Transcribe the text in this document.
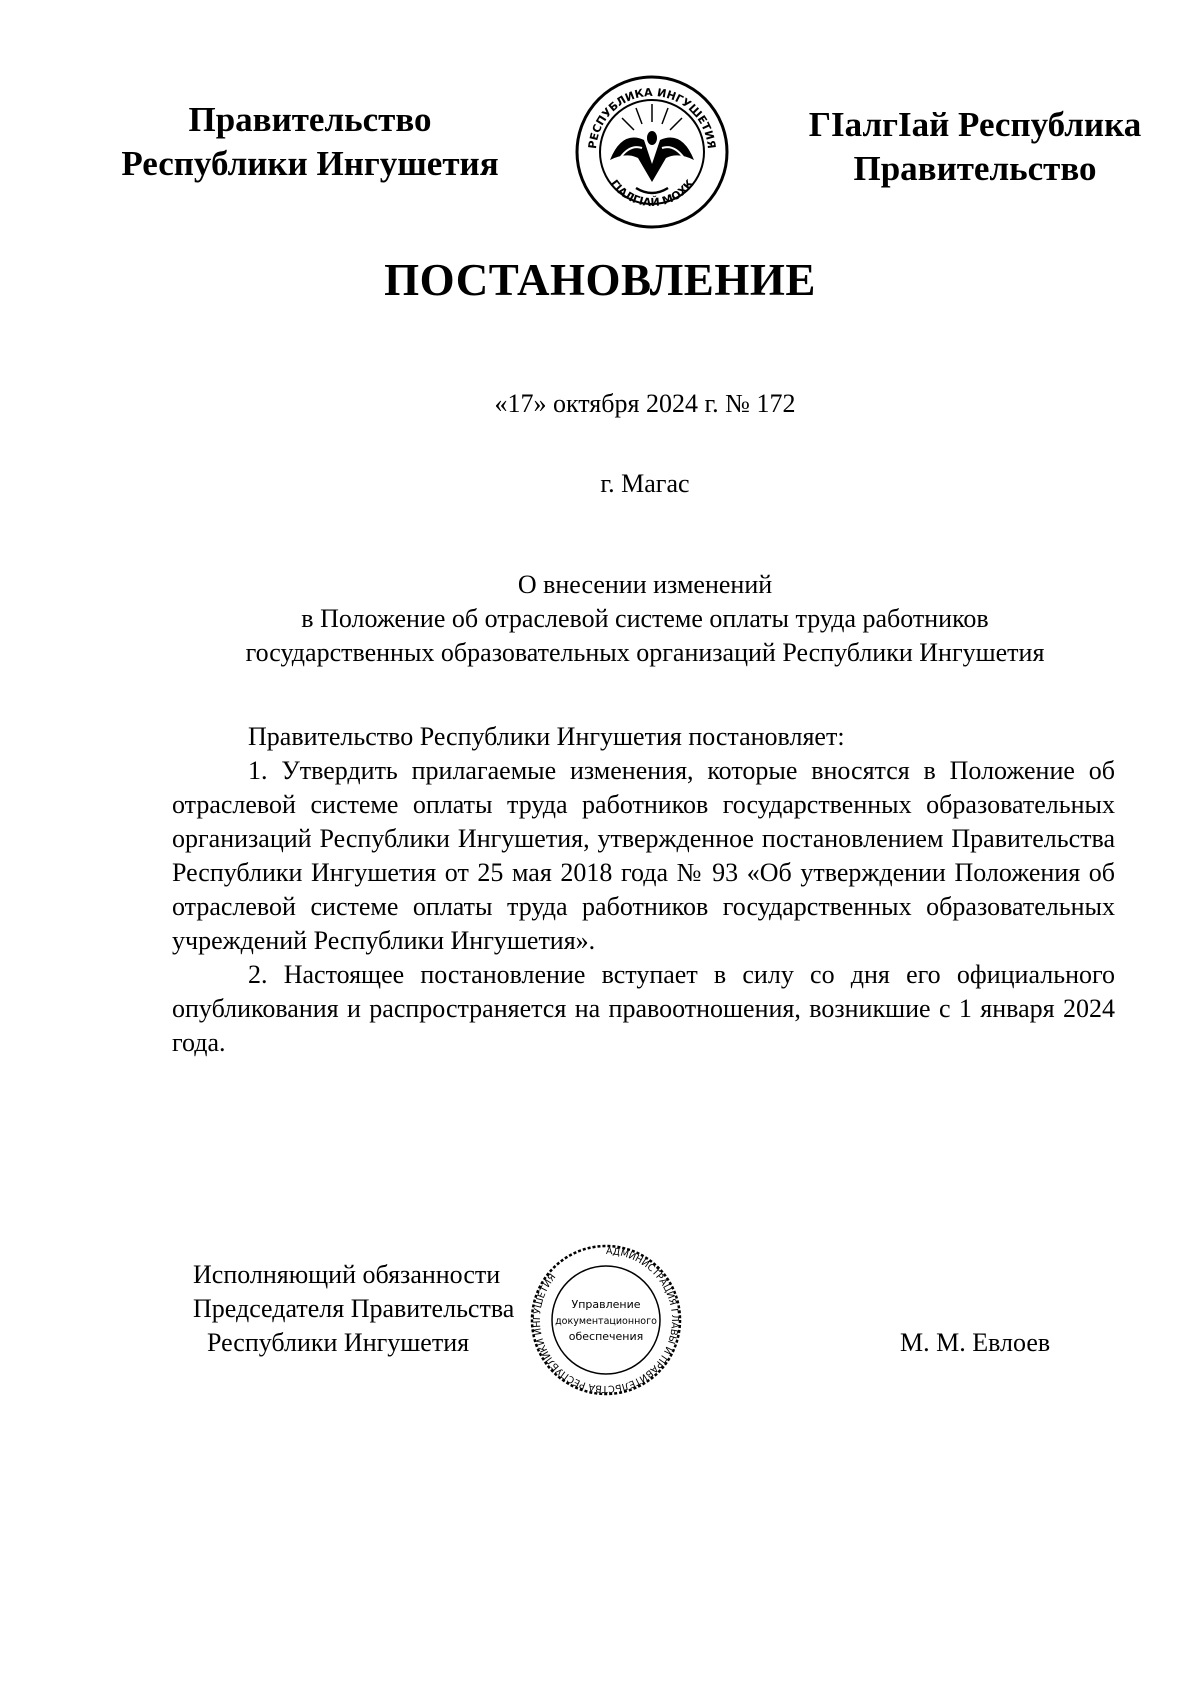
Правительство
Республики Ингушетия	РЕСПУБЛИКА ИНГУШЕТИЯ
ГІАЛГІАЙ МОХК
ГІалгІай Республика
Правительство
ПОСТАНОВЛЕНИЕ
«17» октября 2024 г. № 172
г. Магас
О внесении изменений
в Положение об отраслевой системе оплаты труда работников
государственных образовательных организаций Республики Ингушетия

Правительство Республики Ингушетия постановляет:

1. Утвердить прилагаемые изменения, которые вносятся в Положение об отраслевой системе оплаты труда работников государственных образовательных организаций Республики Ингушетия, утвержденное постановлением Правительства Республики Ингушетия от 25 мая 2018 года № 93 «Об утверждении Положения об отраслевой системе оплаты труда работников государственных образовательных учреждений Республики Ингушетия».

2. Настоящее постановление вступает в силу со дня его официального опубликования и распространяется на правоотношения, возникшие с 1 января 2024 года.

Исполняющий обязанности
Председателя Правительства
Республики Ингушетия
АДМИНИСТРАЦИЯ ГЛАВЫ И ПРАВИТЕЛЬСТВА РЕСПУБЛИКИ ИНГУШЕТИЯ
Управление
документационного
обеспечения	М. М. Евлоев
